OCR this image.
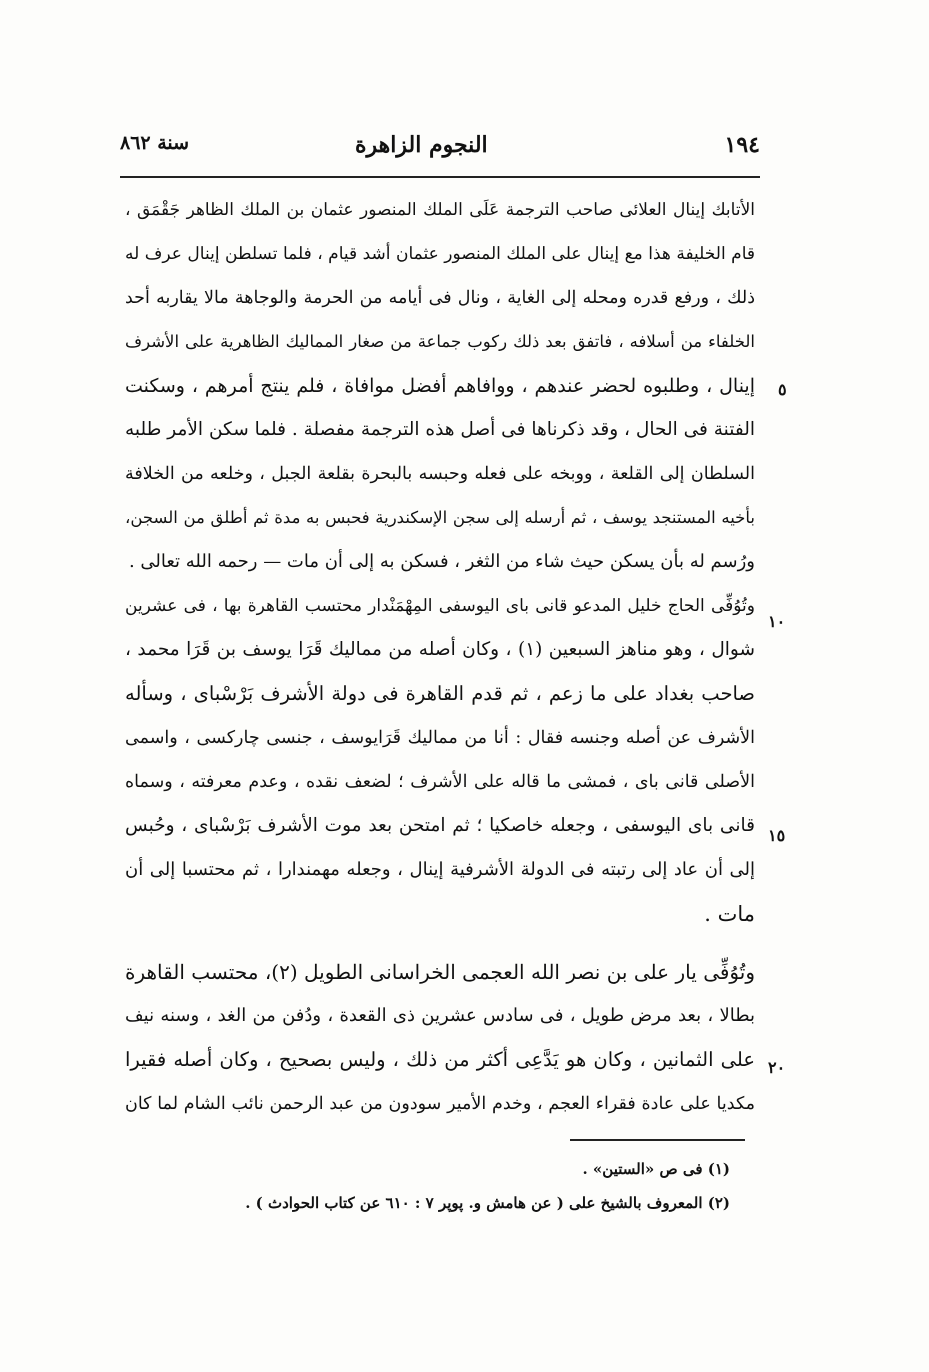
سنة ٨٦٢	النجوم الزاهرة	١٩٤
الأتابك إينال العلائى صاحب الترجمة عَلَى الملك المنصور عثمان بن الملك الظاهر جَقْمَق ،
قام الخليفة هذا مع إينال على الملك المنصور عثمان أشد قيام ، فلما تسلطن إينال عرف له
ذلك ، ورفع قدره ومحله إلى الغاية ، ونال فى أيامه من الحرمة والوجاهة مالا يقاربه أحد
الخلفاء من أسلافه ، فاتفق بعد ذلك ركوب جماعة من صغار المماليك الظاهرية على الأشرف
إينال ، وطلبوه لحضر عندهم ، ووافاهم أفضل موافاة ، فلم ينتج أمرهم ، وسكنت
الفتنة فى الحال ، وقد ذكرناها فى أصل هذه الترجمة مفصلة . فلما سكن الأمر طلبه
السلطان إلى القلعة ، ووبخه على فعله وحبسه بالبحرة بقلعة الجبل ، وخلعه من الخلافة
بأخيه المستنجد يوسف ، ثم أرسله إلى سجن الإسكندرية فحبس به مدة ثم أطلق من السجن،
ورُسم له بأن يسكن حيث شاء من الثغر ، فسكن به إلى أن مات — رحمه الله تعالى .
وتُوُفِّى الحاج خليل المدعو قانى باى اليوسفى المِهْمَنْدار محتسب القاهرة بها ، فى عشرين
شوال ، وهو مناهز السبعين (١) ، وكان أصله من مماليك قَرَا يوسف بن قَرَا محمد ،
صاحب بغداد على ما زعم ، ثم قدم القاهرة فى دولة الأشرف بَرْسْباى ، وسأله
الأشرف عن أصله وجنسه فقال : أنا من مماليك قَرَايوسف ، جنسى چاركسى ، واسمى
الأصلى قانى باى ، فمشى ما قاله على الأشرف ؛ لضعف نقده ، وعدم معرفته ، وسماه
قانى باى اليوسفى ، وجعله خاصكيا ؛ ثم امتحن بعد موت الأشرف بَرْسْباى ، وحُبس
إلى أن عاد إلى رتبته فى الدولة الأشرفية إينال ، وجعله مهمندارا ، ثم محتسبا إلى أن
مات .
وتُوُفِّى يار على بن نصر الله العجمى الخراسانى الطويل (٢)، محتسب القاهرة
بطالا ، بعد مرض طويل ، فى سادس عشرين ذى القعدة ، ودُفن من الغد ، وسنه نيف
على الثمانين ، وكان هو يَدَّعِى أكثر من ذلك ، وليس بصحيح ، وكان أصله فقيرا
مكديا على عادة فقراء العجم ، وخدم الأمير سودون من عبد الرحمن نائب الشام لما كان
٥
١٠
١٥
٢٠
(١) فى ص «الستين» .
(٢) المعروف بالشيخ على ( عن هامش و. پوپر ٧ : ٦١٠ عن كتاب الحوادث ) .
